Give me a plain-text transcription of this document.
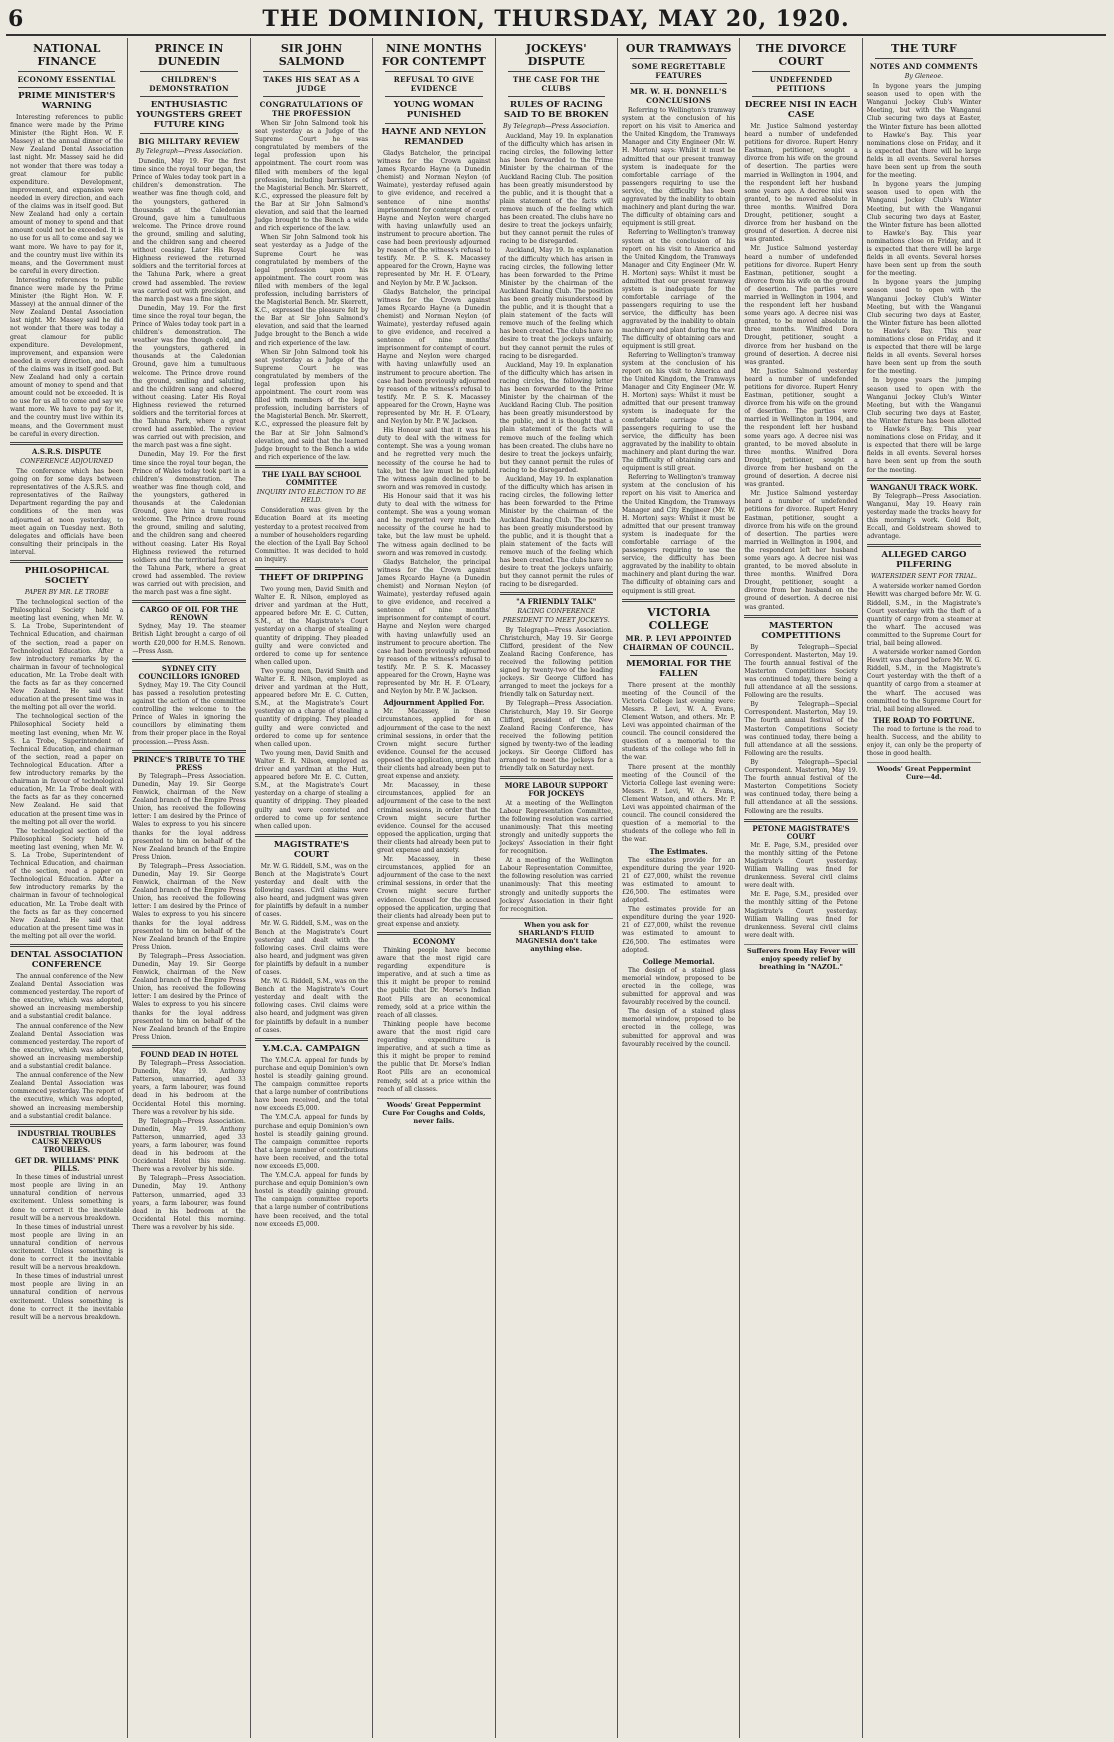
6	THE DOMINION, THURSDAY, MAY 20, 1920.
NATIONAL FINANCE
ECONOMY ESSENTIAL
PRIME MINISTER'S WARNING

Interesting references to public finance were made by the Prime Minister (the Right Hon. W. F. Massey) at the annual dinner of the New Zealand Dental Association last night. Mr. Massey said he did not wonder that there was today a great clamour for public expenditure. Development, improvement, and expansion were needed in every direction, and each of the claims was in itself good. But New Zealand had only a certain amount of money to spend and that amount could not be exceeded. It is no use for us all to come and say we want more. We have to pay for it, and the country must live within its means, and the Government must be careful in every direction.

Interesting references to public finance were made by the Prime Minister (the Right Hon. W. F. Massey) at the annual dinner of the New Zealand Dental Association last night. Mr. Massey said he did not wonder that there was today a great clamour for public expenditure. Development, improvement, and expansion were needed in every direction, and each of the claims was in itself good. But New Zealand had only a certain amount of money to spend and that amount could not be exceeded. It is no use for us all to come and say we want more. We have to pay for it, and the country must live within its means, and the Government must be careful in every direction.

A.S.R.S. DISPUTE
CONFERENCE ADJOURNED

The conference which has been going on for some days between representatives of the A.S.R.S. and representatives of the Railway Department regarding the pay and conditions of the men was adjourned at noon yesterday, to meet again on Tuesday next. Both delegates and officials have been consulting their principals in the interval.

PHILOSOPHICAL SOCIETY
PAPER BY MR. LE TROBE

The technological section of the Philosophical Society held a meeting last evening, when Mr. W. S. La Trobe, Superintendent of Technical Education, and chairman of the section, read a paper on Technological Education. After a few introductory remarks by the chairman in favour of technological education, Mr. La Trobe dealt with the facts as far as they concerned New Zealand. He said that education at the present time was in the melting pot all over the world.

The technological section of the Philosophical Society held a meeting last evening, when Mr. W. S. La Trobe, Superintendent of Technical Education, and chairman of the section, read a paper on Technological Education. After a few introductory remarks by the chairman in favour of technological education, Mr. La Trobe dealt with the facts as far as they concerned New Zealand. He said that education at the present time was in the melting pot all over the world.

The technological section of the Philosophical Society held a meeting last evening, when Mr. W. S. La Trobe, Superintendent of Technical Education, and chairman of the section, read a paper on Technological Education. After a few introductory remarks by the chairman in favour of technological education, Mr. La Trobe dealt with the facts as far as they concerned New Zealand. He said that education at the present time was in the melting pot all over the world.

DENTAL ASSOCIATION CONFERENCE

The annual conference of the New Zealand Dental Association was commenced yesterday. The report of the executive, which was adopted, showed an increasing membership and a substantial credit balance.

The annual conference of the New Zealand Dental Association was commenced yesterday. The report of the executive, which was adopted, showed an increasing membership and a substantial credit balance.

The annual conference of the New Zealand Dental Association was commenced yesterday. The report of the executive, which was adopted, showed an increasing membership and a substantial credit balance.

INDUSTRIAL TROUBLES CAUSE NERVOUS TROUBLES.
GET DR. WILLIAMS' PINK PILLS.

In these times of industrial unrest most people are living in an unnatural condition of nervous excitement. Unless something is done to correct it the inevitable result will be a nervous breakdown.

In these times of industrial unrest most people are living in an unnatural condition of nervous excitement. Unless something is done to correct it the inevitable result will be a nervous breakdown.

In these times of industrial unrest most people are living in an unnatural condition of nervous excitement. Unless something is done to correct it the inevitable result will be a nervous breakdown.

PRINCE IN DUNEDIN
CHILDREN'S DEMONSTRATION
ENTHUSIASTIC YOUNGSTERS GREET FUTURE KING
BIG MILITARY REVIEW
By Telegraph—Press Association.

Dunedin, May 19. For the first time since the royal tour began, the Prince of Wales today took part in a children's demonstration. The weather was fine though cold, and the youngsters, gathered in thousands at the Caledonian Ground, gave him a tumultuous welcome. The Prince drove round the ground, smiling and saluting, and the children sang and cheered without ceasing. Later His Royal Highness reviewed the returned soldiers and the territorial forces at the Tahuna Park, where a great crowd had assembled. The review was carried out with precision, and the march past was a fine sight.

Dunedin, May 19. For the first time since the royal tour began, the Prince of Wales today took part in a children's demonstration. The weather was fine though cold, and the youngsters, gathered in thousands at the Caledonian Ground, gave him a tumultuous welcome. The Prince drove round the ground, smiling and saluting, and the children sang and cheered without ceasing. Later His Royal Highness reviewed the returned soldiers and the territorial forces at the Tahuna Park, where a great crowd had assembled. The review was carried out with precision, and the march past was a fine sight.

Dunedin, May 19. For the first time since the royal tour began, the Prince of Wales today took part in a children's demonstration. The weather was fine though cold, and the youngsters, gathered in thousands at the Caledonian Ground, gave him a tumultuous welcome. The Prince drove round the ground, smiling and saluting, and the children sang and cheered without ceasing. Later His Royal Highness reviewed the returned soldiers and the territorial forces at the Tahuna Park, where a great crowd had assembled. The review was carried out with precision, and the march past was a fine sight.

CARGO OF OIL FOR THE RENOWN

Sydney, May 19. The steamer British Light brought a cargo of oil worth £20,000 for H.M.S. Renown.—Press Assn.

SYDNEY CITY COUNCILLORS IGNORED

Sydney, May 19. The City Council has passed a resolution protesting against the action of the committee controlling the welcome to the Prince of Wales in ignoring the councillors by eliminating them from their proper place in the Royal procession.—Press Assn.

PRINCE'S TRIBUTE TO THE PRESS

By Telegraph—Press Association. Dunedin, May 19. Sir George Fenwick, chairman of the New Zealand branch of the Empire Press Union, has received the following letter: I am desired by the Prince of Wales to express to you his sincere thanks for the loyal address presented to him on behalf of the New Zealand branch of the Empire Press Union.

By Telegraph—Press Association. Dunedin, May 19. Sir George Fenwick, chairman of the New Zealand branch of the Empire Press Union, has received the following letter: I am desired by the Prince of Wales to express to you his sincere thanks for the loyal address presented to him on behalf of the New Zealand branch of the Empire Press Union.

By Telegraph—Press Association. Dunedin, May 19. Sir George Fenwick, chairman of the New Zealand branch of the Empire Press Union, has received the following letter: I am desired by the Prince of Wales to express to you his sincere thanks for the loyal address presented to him on behalf of the New Zealand branch of the Empire Press Union.

FOUND DEAD IN HOTEL

By Telegraph—Press Association. Dunedin, May 19. Anthony Patterson, unmarried, aged 33 years, a farm labourer, was found dead in his bedroom at the Occidental Hotel this morning. There was a revolver by his side.

By Telegraph—Press Association. Dunedin, May 19. Anthony Patterson, unmarried, aged 33 years, a farm labourer, was found dead in his bedroom at the Occidental Hotel this morning. There was a revolver by his side.

By Telegraph—Press Association. Dunedin, May 19. Anthony Patterson, unmarried, aged 33 years, a farm labourer, was found dead in his bedroom at the Occidental Hotel this morning. There was a revolver by his side.

SIR JOHN SALMOND
TAKES HIS SEAT AS A JUDGE
CONGRATULATIONS OF THE PROFESSION

When Sir John Salmond took his seat yesterday as a Judge of the Supreme Court he was congratulated by members of the legal profession upon his appointment. The court room was filled with members of the legal profession, including barristers of the Magisterial Bench. Mr. Skerrett, K.C., expressed the pleasure felt by the Bar at Sir John Salmond's elevation, and said that the learned Judge brought to the Bench a wide and rich experience of the law.

When Sir John Salmond took his seat yesterday as a Judge of the Supreme Court he was congratulated by members of the legal profession upon his appointment. The court room was filled with members of the legal profession, including barristers of the Magisterial Bench. Mr. Skerrett, K.C., expressed the pleasure felt by the Bar at Sir John Salmond's elevation, and said that the learned Judge brought to the Bench a wide and rich experience of the law.

When Sir John Salmond took his seat yesterday as a Judge of the Supreme Court he was congratulated by members of the legal profession upon his appointment. The court room was filled with members of the legal profession, including barristers of the Magisterial Bench. Mr. Skerrett, K.C., expressed the pleasure felt by the Bar at Sir John Salmond's elevation, and said that the learned Judge brought to the Bench a wide and rich experience of the law.

THE LYALL BAY SCHOOL COMMITTEE
INQUIRY INTO ELECTION TO BE HELD.

Consideration was given by the Education Board at its meeting yesterday to a protest received from a number of householders regarding the election of the Lyall Bay School Committee. It was decided to hold an inquiry.

THEFT OF DRIPPING

Two young men, David Smith and Walter E. R. Nilson, employed as driver and yardman at the Hutt, appeared before Mr. E. C. Cutten, S.M., at the Magistrate's Court yesterday on a charge of stealing a quantity of dripping. They pleaded guilty and were convicted and ordered to come up for sentence when called upon.

Two young men, David Smith and Walter E. R. Nilson, employed as driver and yardman at the Hutt, appeared before Mr. E. C. Cutten, S.M., at the Magistrate's Court yesterday on a charge of stealing a quantity of dripping. They pleaded guilty and were convicted and ordered to come up for sentence when called upon.

Two young men, David Smith and Walter E. R. Nilson, employed as driver and yardman at the Hutt, appeared before Mr. E. C. Cutten, S.M., at the Magistrate's Court yesterday on a charge of stealing a quantity of dripping. They pleaded guilty and were convicted and ordered to come up for sentence when called upon.

MAGISTRATE'S COURT

Mr. W. G. Riddell, S.M., was on the Bench at the Magistrate's Court yesterday and dealt with the following cases. Civil claims were also heard, and judgment was given for plaintiffs by default in a number of cases.

Mr. W. G. Riddell, S.M., was on the Bench at the Magistrate's Court yesterday and dealt with the following cases. Civil claims were also heard, and judgment was given for plaintiffs by default in a number of cases.

Mr. W. G. Riddell, S.M., was on the Bench at the Magistrate's Court yesterday and dealt with the following cases. Civil claims were also heard, and judgment was given for plaintiffs by default in a number of cases.

Y.M.C.A. CAMPAIGN

The Y.M.C.A. appeal for funds by purchase and equip Dominion's own hostel is steadily gaining ground. The campaign committee reports that a large number of contributions have been received, and the total now exceeds £5,000.

The Y.M.C.A. appeal for funds by purchase and equip Dominion's own hostel is steadily gaining ground. The campaign committee reports that a large number of contributions have been received, and the total now exceeds £5,000.

The Y.M.C.A. appeal for funds by purchase and equip Dominion's own hostel is steadily gaining ground. The campaign committee reports that a large number of contributions have been received, and the total now exceeds £5,000.

NINE MONTHS FOR CONTEMPT
REFUSAL TO GIVE EVIDENCE
YOUNG WOMAN PUNISHED
HAYNE AND NEYLON REMANDED

Gladys Batchelor, the principal witness for the Crown against James Rycardo Hayne (a Dunedin chemist) and Norman Neylon (of Waimate), yesterday refused again to give evidence, and received a sentence of nine months' imprisonment for contempt of court. Hayne and Neylon were charged with having unlawfully used an instrument to procure abortion. The case had been previously adjourned by reason of the witness's refusal to testify. Mr. P. S. K. Macassey appeared for the Crown, Hayne was represented by Mr. H. F. O'Leary, and Neylon by Mr. P. W. Jackson.

Gladys Batchelor, the principal witness for the Crown against James Rycardo Hayne (a Dunedin chemist) and Norman Neylon (of Waimate), yesterday refused again to give evidence, and received a sentence of nine months' imprisonment for contempt of court. Hayne and Neylon were charged with having unlawfully used an instrument to procure abortion. The case had been previously adjourned by reason of the witness's refusal to testify. Mr. P. S. K. Macassey appeared for the Crown, Hayne was represented by Mr. H. F. O'Leary, and Neylon by Mr. P. W. Jackson.

His Honour said that it was his duty to deal with the witness for contempt. She was a young woman and he regretted very much the necessity of the course he had to take, but the law must be upheld. The witness again declined to be sworn and was removed in custody.

His Honour said that it was his duty to deal with the witness for contempt. She was a young woman and he regretted very much the necessity of the course he had to take, but the law must be upheld. The witness again declined to be sworn and was removed in custody.

Gladys Batchelor, the principal witness for the Crown against James Rycardo Hayne (a Dunedin chemist) and Norman Neylon (of Waimate), yesterday refused again to give evidence, and received a sentence of nine months' imprisonment for contempt of court. Hayne and Neylon were charged with having unlawfully used an instrument to procure abortion. The case had been previously adjourned by reason of the witness's refusal to testify. Mr. P. S. K. Macassey appeared for the Crown, Hayne was represented by Mr. H. F. O'Leary, and Neylon by Mr. P. W. Jackson.

Adjournment Applied For.

Mr. Macassey, in these circumstances, applied for an adjournment of the case to the next criminal sessions, in order that the Crown might secure further evidence. Counsel for the accused opposed the application, urging that their clients had already been put to great expense and anxiety.

Mr. Macassey, in these circumstances, applied for an adjournment of the case to the next criminal sessions, in order that the Crown might secure further evidence. Counsel for the accused opposed the application, urging that their clients had already been put to great expense and anxiety.

Mr. Macassey, in these circumstances, applied for an adjournment of the case to the next criminal sessions, in order that the Crown might secure further evidence. Counsel for the accused opposed the application, urging that their clients had already been put to great expense and anxiety.

ECONOMY

Thinking people have become aware that the most rigid care regarding expenditure is imperative, and at such a time as this it might be proper to remind the public that Dr. Morse's Indian Root Pills are an economical remedy, sold at a price within the reach of all classes.

Thinking people have become aware that the most rigid care regarding expenditure is imperative, and at such a time as this it might be proper to remind the public that Dr. Morse's Indian Root Pills are an economical remedy, sold at a price within the reach of all classes.

Woods' Great Peppermint Cure For Coughs and Colds, never fails.
JOCKEYS' DISPUTE
THE CASE FOR THE CLUBS
RULES OF RACING SAID TO BE BROKEN
By Telegraph—Press Association.

Auckland, May 19. In explanation of the difficulty which has arisen in racing circles, the following letter has been forwarded to the Prime Minister by the chairman of the Auckland Racing Club. The position has been greatly misunderstood by the public, and it is thought that a plain statement of the facts will remove much of the feeling which has been created. The clubs have no desire to treat the jockeys unfairly, but they cannot permit the rules of racing to be disregarded.

Auckland, May 19. In explanation of the difficulty which has arisen in racing circles, the following letter has been forwarded to the Prime Minister by the chairman of the Auckland Racing Club. The position has been greatly misunderstood by the public, and it is thought that a plain statement of the facts will remove much of the feeling which has been created. The clubs have no desire to treat the jockeys unfairly, but they cannot permit the rules of racing to be disregarded.

Auckland, May 19. In explanation of the difficulty which has arisen in racing circles, the following letter has been forwarded to the Prime Minister by the chairman of the Auckland Racing Club. The position has been greatly misunderstood by the public, and it is thought that a plain statement of the facts will remove much of the feeling which has been created. The clubs have no desire to treat the jockeys unfairly, but they cannot permit the rules of racing to be disregarded.

Auckland, May 19. In explanation of the difficulty which has arisen in racing circles, the following letter has been forwarded to the Prime Minister by the chairman of the Auckland Racing Club. The position has been greatly misunderstood by the public, and it is thought that a plain statement of the facts will remove much of the feeling which has been created. The clubs have no desire to treat the jockeys unfairly, but they cannot permit the rules of racing to be disregarded.

"A FRIENDLY TALK"
RACING CONFERENCE PRESIDENT TO MEET JOCKEYS.

By Telegraph—Press Association. Christchurch, May 19. Sir George Clifford, president of the New Zealand Racing Conference, has received the following petition signed by twenty-two of the leading jockeys. Sir George Clifford has arranged to meet the jockeys for a friendly talk on Saturday next.

By Telegraph—Press Association. Christchurch, May 19. Sir George Clifford, president of the New Zealand Racing Conference, has received the following petition signed by twenty-two of the leading jockeys. Sir George Clifford has arranged to meet the jockeys for a friendly talk on Saturday next.

MORE LABOUR SUPPORT FOR JOCKEYS

At a meeting of the Wellington Labour Representation Committee, the following resolution was carried unanimously: That this meeting strongly and unitedly supports the Jockeys' Association in their fight for recognition.

At a meeting of the Wellington Labour Representation Committee, the following resolution was carried unanimously: That this meeting strongly and unitedly supports the Jockeys' Association in their fight for recognition.

When you ask for SHARLAND'S FLUID MAGNESIA don't take anything else.
OUR TRAMWAYS
SOME REGRETTABLE FEATURES
MR. W. H. DONNELL'S CONCLUSIONS

Referring to Wellington's tramway system at the conclusion of his report on his visit to America and the United Kingdom, the Tramways Manager and City Engineer (Mr. W. H. Morton) says: Whilst it must be admitted that our present tramway system is inadequate for the comfortable carriage of the passengers requiring to use the service, the difficulty has been aggravated by the inability to obtain machinery and plant during the war. The difficulty of obtaining cars and equipment is still great.

Referring to Wellington's tramway system at the conclusion of his report on his visit to America and the United Kingdom, the Tramways Manager and City Engineer (Mr. W. H. Morton) says: Whilst it must be admitted that our present tramway system is inadequate for the comfortable carriage of the passengers requiring to use the service, the difficulty has been aggravated by the inability to obtain machinery and plant during the war. The difficulty of obtaining cars and equipment is still great.

Referring to Wellington's tramway system at the conclusion of his report on his visit to America and the United Kingdom, the Tramways Manager and City Engineer (Mr. W. H. Morton) says: Whilst it must be admitted that our present tramway system is inadequate for the comfortable carriage of the passengers requiring to use the service, the difficulty has been aggravated by the inability to obtain machinery and plant during the war. The difficulty of obtaining cars and equipment is still great.

Referring to Wellington's tramway system at the conclusion of his report on his visit to America and the United Kingdom, the Tramways Manager and City Engineer (Mr. W. H. Morton) says: Whilst it must be admitted that our present tramway system is inadequate for the comfortable carriage of the passengers requiring to use the service, the difficulty has been aggravated by the inability to obtain machinery and plant during the war. The difficulty of obtaining cars and equipment is still great.

VICTORIA COLLEGE
MR. P. LEVI APPOINTED CHAIRMAN OF COUNCIL.
MEMORIAL FOR THE FALLEN

There present at the monthly meeting of the Council of the Victoria College last evening were: Messrs. P. Levi, W. A. Evans, Clement Watson, and others. Mr. P. Levi was appointed chairman of the council. The council considered the question of a memorial to the students of the college who fell in the war.

There present at the monthly meeting of the Council of the Victoria College last evening were: Messrs. P. Levi, W. A. Evans, Clement Watson, and others. Mr. P. Levi was appointed chairman of the council. The council considered the question of a memorial to the students of the college who fell in the war.

The Estimates.

The estimates provide for an expenditure during the year 1920-21 of £27,000, whilst the revenue was estimated to amount to £26,500. The estimates were adopted.

The estimates provide for an expenditure during the year 1920-21 of £27,000, whilst the revenue was estimated to amount to £26,500. The estimates were adopted.

College Memorial.

The design of a stained glass memorial window, proposed to be erected in the college, was submitted for approval and was favourably received by the council.

The design of a stained glass memorial window, proposed to be erected in the college, was submitted for approval and was favourably received by the council.

THE DIVORCE COURT
UNDEFENDED PETITIONS
DECREE NISI IN EACH CASE

Mr. Justice Salmond yesterday heard a number of undefended petitions for divorce. Rupert Henry Eastman, petitioner, sought a divorce from his wife on the ground of desertion. The parties were married in Wellington in 1904, and the respondent left her husband some years ago. A decree nisi was granted, to be moved absolute in three months. Winifred Dora Drought, petitioner, sought a divorce from her husband on the ground of desertion. A decree nisi was granted.

Mr. Justice Salmond yesterday heard a number of undefended petitions for divorce. Rupert Henry Eastman, petitioner, sought a divorce from his wife on the ground of desertion. The parties were married in Wellington in 1904, and the respondent left her husband some years ago. A decree nisi was granted, to be moved absolute in three months. Winifred Dora Drought, petitioner, sought a divorce from her husband on the ground of desertion. A decree nisi was granted.

Mr. Justice Salmond yesterday heard a number of undefended petitions for divorce. Rupert Henry Eastman, petitioner, sought a divorce from his wife on the ground of desertion. The parties were married in Wellington in 1904, and the respondent left her husband some years ago. A decree nisi was granted, to be moved absolute in three months. Winifred Dora Drought, petitioner, sought a divorce from her husband on the ground of desertion. A decree nisi was granted.

Mr. Justice Salmond yesterday heard a number of undefended petitions for divorce. Rupert Henry Eastman, petitioner, sought a divorce from his wife on the ground of desertion. The parties were married in Wellington in 1904, and the respondent left her husband some years ago. A decree nisi was granted, to be moved absolute in three months. Winifred Dora Drought, petitioner, sought a divorce from her husband on the ground of desertion. A decree nisi was granted.

MASTERTON COMPETITIONS

By Telegraph—Special Correspondent. Masterton, May 19. The fourth annual festival of the Masterton Competitions Society was continued today, there being a full attendance at all the sessions. Following are the results.

By Telegraph—Special Correspondent. Masterton, May 19. The fourth annual festival of the Masterton Competitions Society was continued today, there being a full attendance at all the sessions. Following are the results.

By Telegraph—Special Correspondent. Masterton, May 19. The fourth annual festival of the Masterton Competitions Society was continued today, there being a full attendance at all the sessions. Following are the results.

PETONE MAGISTRATE'S COURT

Mr. E. Page, S.M., presided over the monthly sitting of the Petone Magistrate's Court yesterday. William Walling was fined for drunkenness. Several civil claims were dealt with.

Mr. E. Page, S.M., presided over the monthly sitting of the Petone Magistrate's Court yesterday. William Walling was fined for drunkenness. Several civil claims were dealt with.

Sufferers from Hay Fever will enjoy speedy relief by breathing in "NAZOL."
THE TURF
NOTES AND COMMENTS
By Gleneoe.

In bygone years the jumping season used to open with the Wanganui Jockey Club's Winter Meeting, but with the Wanganui Club securing two days at Easter, the Winter fixture has been allotted to Hawke's Bay. This year nominations close on Friday, and it is expected that there will be large fields in all events. Several horses have been sent up from the south for the meeting.

In bygone years the jumping season used to open with the Wanganui Jockey Club's Winter Meeting, but with the Wanganui Club securing two days at Easter, the Winter fixture has been allotted to Hawke's Bay. This year nominations close on Friday, and it is expected that there will be large fields in all events. Several horses have been sent up from the south for the meeting.

In bygone years the jumping season used to open with the Wanganui Jockey Club's Winter Meeting, but with the Wanganui Club securing two days at Easter, the Winter fixture has been allotted to Hawke's Bay. This year nominations close on Friday, and it is expected that there will be large fields in all events. Several horses have been sent up from the south for the meeting.

In bygone years the jumping season used to open with the Wanganui Jockey Club's Winter Meeting, but with the Wanganui Club securing two days at Easter, the Winter fixture has been allotted to Hawke's Bay. This year nominations close on Friday, and it is expected that there will be large fields in all events. Several horses have been sent up from the south for the meeting.

WANGANUI TRACK WORK.

By Telegraph—Press Association. Wanganui, May 19. Heavy rain yesterday made the tracks heavy for this morning's work. Gold Bolt, Eccall, and Goldstream showed to advantage.

ALLEGED CARGO PILFERING
WATERSIDER SENT FOR TRIAL.

A waterside worker named Gordon Hewitt was charged before Mr. W. G. Riddell, S.M., in the Magistrate's Court yesterday with the theft of a quantity of cargo from a steamer at the wharf. The accused was committed to the Supreme Court for trial, bail being allowed.

A waterside worker named Gordon Hewitt was charged before Mr. W. G. Riddell, S.M., in the Magistrate's Court yesterday with the theft of a quantity of cargo from a steamer at the wharf. The accused was committed to the Supreme Court for trial, bail being allowed.

THE ROAD TO FORTUNE.

The road to fortune is the road to health. Success, and the ability to enjoy it, can only be the property of those in good health.

Woods' Great Peppermint Cure—4d.
